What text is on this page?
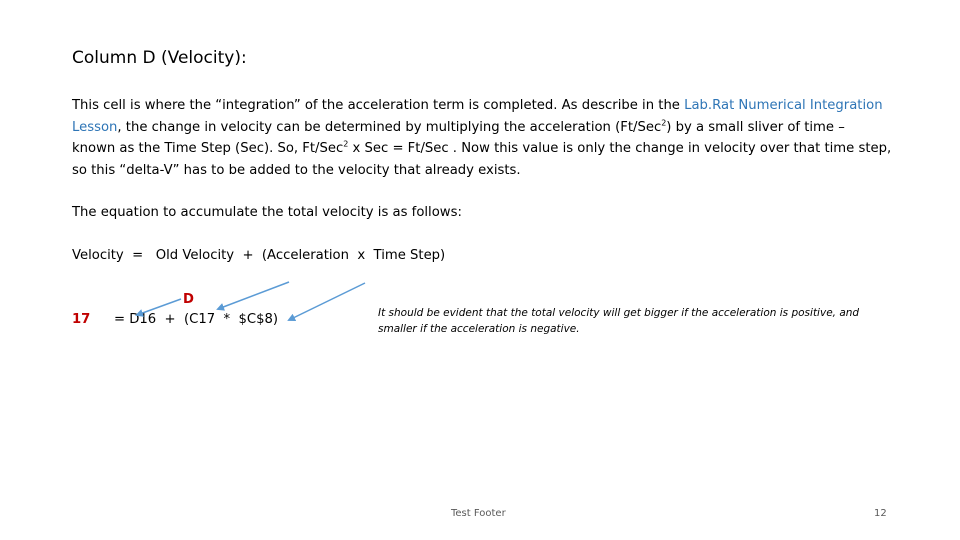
Column D (Velocity):
This cell is where the “integration” of the acceleration term is completed. As describe in the Lab.Rat Numerical Integration Lesson, the change in velocity can be determined by multiplying the acceleration (Ft/Sec$^2$) by a small sliver of time – known as the Time Step (Sec). So, Ft/Sec$^2$ x Sec = Ft/Sec . Now this value is only the change in velocity over that time step, so this “delta-V” has to be added to the velocity that already exists.
The equation to accumulate the total velocity is as follows:
Velocity  =   Old Velocity  +  (Acceleration  x  Time Step)
D
17 = D16  +  (C17  *  $C$8)	It should be evident that the total velocity will get bigger if the acceleration is positive, and smaller if the acceleration is negative.
Test Footer	12
